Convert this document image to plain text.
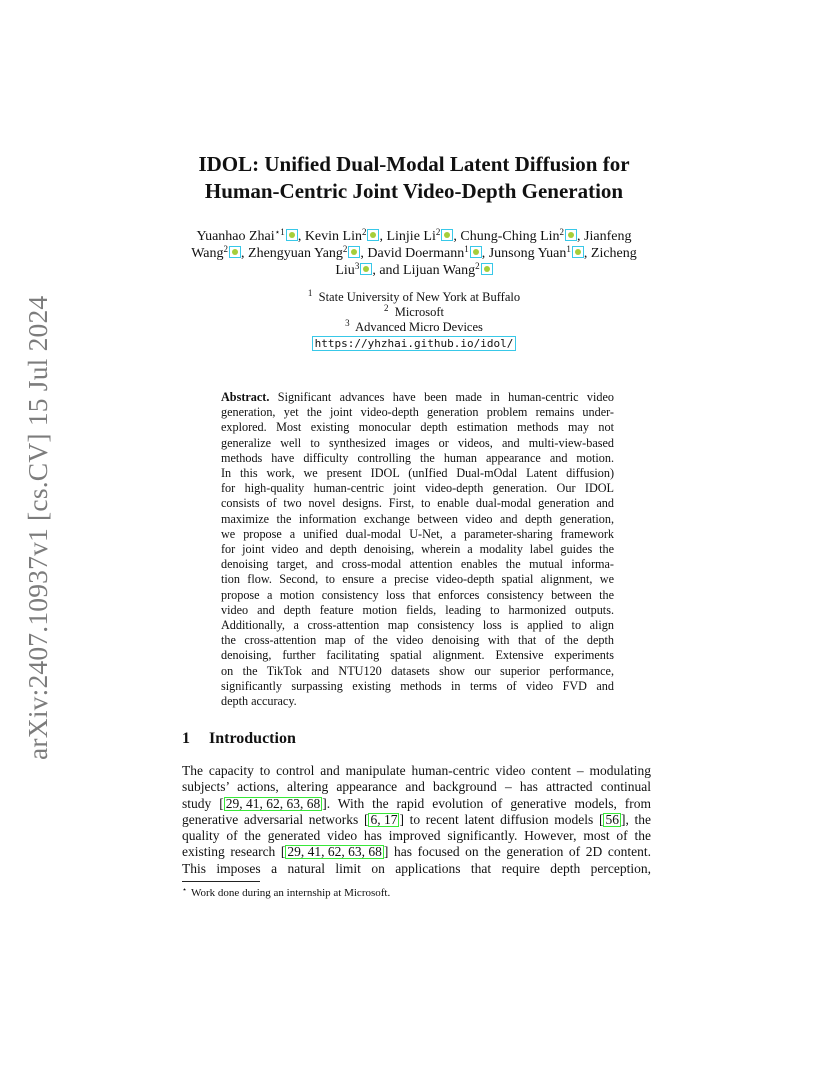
arXiv:2407.10937v1 [cs.CV] 15 Jul 2024
IDOL: Unified Dual-Modal Latent Diffusion for
Human-Centric Joint Video-Depth Generation
Yuanhao Zhai$^{⋆1}$ , Kevin Lin$^2$ , Linjie Li$^2$ , Chung-Ching Lin$^2$ , Jianfeng
Wang$^2$ , Zhengyuan Yang$^2$ , David Doermann$^1$ , Junsong Yuan$^1$ , Zicheng
Liu$^3$ , and Lijuan Wang$^2$
$^1$ State University of New York at Buffalo
$^2$ Microsoft
$^3$ Advanced Micro Devices
https://yhzhai.github.io/idol/
Abstract. Significant advances have been made in human-centric video
generation, yet the joint video-depth generation problem remains under-
explored. Most existing monocular depth estimation methods may not
generalize well to synthesized images or videos, and multi-view-based
methods have difficulty controlling the human appearance and motion.
In this work, we present IDOL (unIfied Dual-mOdal Latent diffusion)
for high-quality human-centric joint video-depth generation. Our IDOL
consists of two novel designs. First, to enable dual-modal generation and
maximize the information exchange between video and depth generation,
we propose a unified dual-modal U-Net, a parameter-sharing framework
for joint video and depth denoising, wherein a modality label guides the
denoising target, and cross-modal attention enables the mutual informa-
tion flow. Second, to ensure a precise video-depth spatial alignment, we
propose a motion consistency loss that enforces consistency between the
video and depth feature motion fields, leading to harmonized outputs.
Additionally, a cross-attention map consistency loss is applied to align
the cross-attention map of the video denoising with that of the depth
denoising, further facilitating spatial alignment. Extensive experiments
on the TikTok and NTU120 datasets show our superior performance,
significantly surpassing existing methods in terms of video FVD and
depth accuracy.
1 Introduction
The capacity to control and manipulate human-centric video content – modulating
subjects’ actions, altering appearance and background – has attracted continual
study [ 29, 41, 62, 63, 68 ]. With the rapid evolution of generative models, from
generative adversarial networks [ 6, 17 ] to recent latent diffusion models [ 56 ], the
quality of the generated video has improved significantly. However, most of the
existing research [ 29, 41, 62, 63, 68 ] has focused on the generation of 2D content.
This imposes a natural limit on applications that require depth perception,
⋆ Work done during an internship at Microsoft.
